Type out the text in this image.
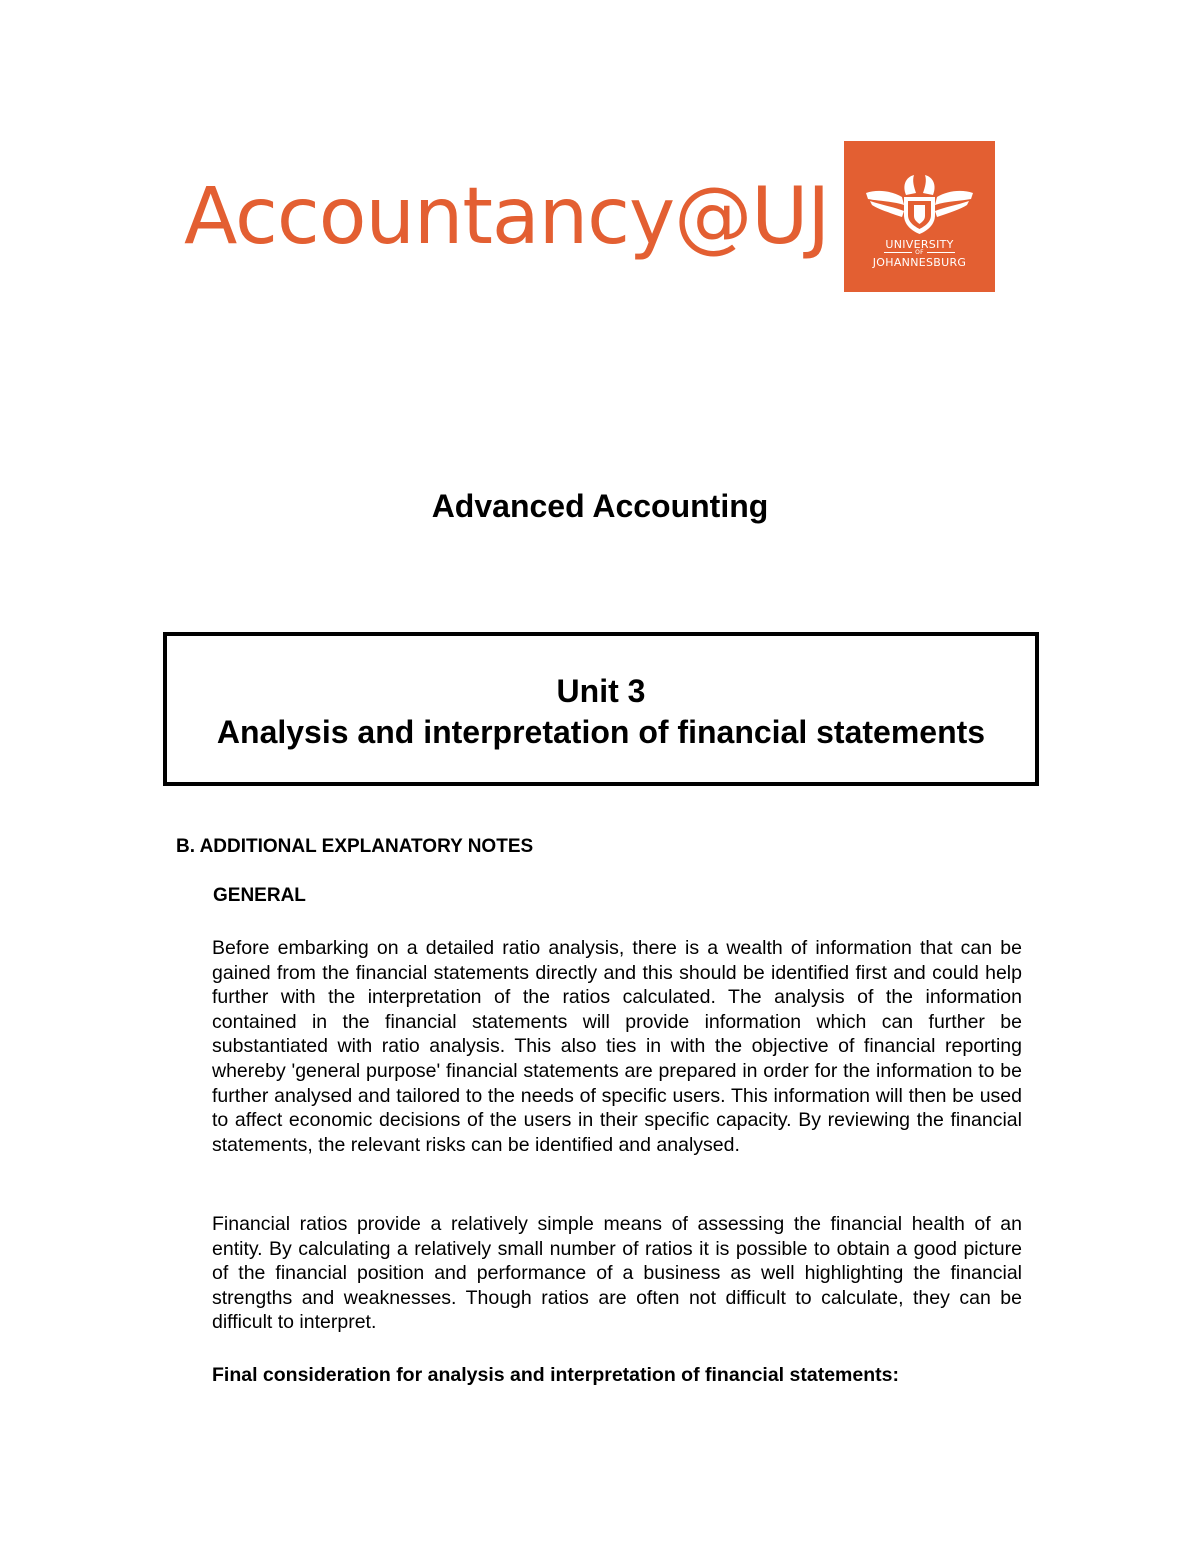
Accountancy@UJ	UNIVERSITY
OF
JOHANNESBURG
Advanced Accounting
Unit 3
Analysis and interpretation of financial statements
B. ADDITIONAL EXPLANATORY NOTES
GENERAL
Before embarking on a detailed ratio analysis, there is a wealth of information that can be gained from the financial statements directly and this should be identified first and could help further with the interpretation of the ratios calculated. The analysis of the information contained in the financial statements will provide information which can further be substantiated with ratio analysis. This also ties in with the objective of financial reporting whereby 'general purpose' financial statements are prepared in order for the information to be further analysed and tailored to the needs of specific users. This information will then be used to affect economic decisions of the users in their specific capacity. By reviewing the financial statements, the relevant risks can be identified and analysed.
Financial ratios provide a relatively simple means of assessing the financial health of an entity. By calculating a relatively small number of ratios it is possible to obtain a good picture of the financial position and performance of a business as well highlighting the financial strengths and weaknesses. Though ratios are often not difficult to calculate, they can be difficult to interpret.
Final consideration for analysis and interpretation of financial statements:
